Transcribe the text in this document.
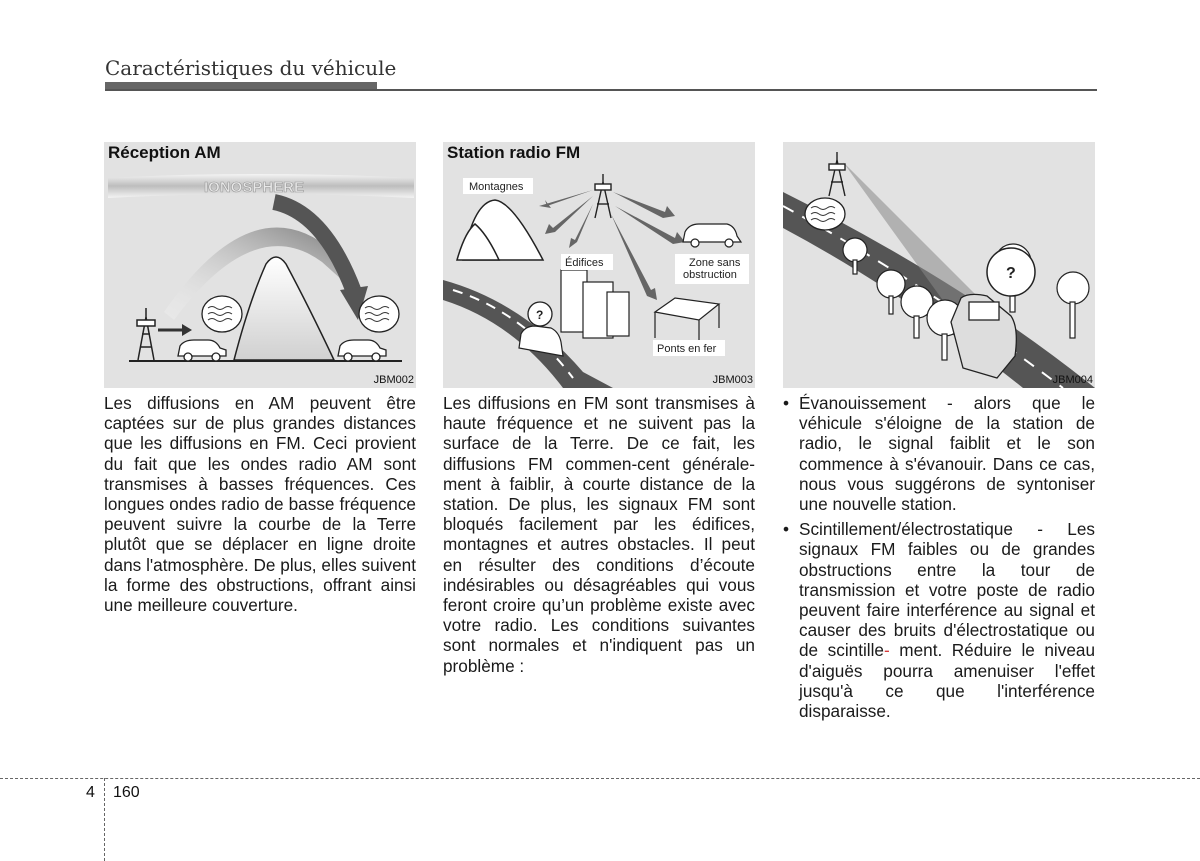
Caractéristiques du véhicule
IONOSPHERE
Réception AM
JBM002
?
Montagnes
Édifices	Zone sans
obstruction
Ponts en fer
Station radio FM
JBM003
?
JBM004
Les diffusions en AM peuvent être captées sur de plus grandes distances que les diffusions en FM. Ceci provient du fait que les ondes radio AM sont transmises à basses fréquences. Ces longues ondes radio de basse fréquence peuvent suivre la courbe de la Terre plutôt que se déplacer en ligne droite dans l'atmosphère. De plus, elles suivent la forme des obstructions, offrant ainsi une meilleure couverture.
Les diffusions en FM sont transmises à haute fréquence et ne suivent pas la surface de la Terre. De ce fait, les diffusions FM commen-cent générale-ment à faiblir, à courte distance de la station. De plus, les signaux FM sont bloqués facilement par les édifices, montagnes et autres obstacles. Il peut en résulter des conditions d’écoute indésirables ou désagréables qui vous feront croire qu’un problème existe avec votre radio. Les conditions suivantes sont normales et n'indiquent pas un problème :
• Évanouissement - alors que le véhicule s'éloigne de la station de radio, le signal faiblit et le son commence à s'évanouir. Dans ce cas, nous vous suggérons de syntoniser une nouvelle station.
• Scintillement/électrostatique - Les signaux FM faibles ou de grandes obstructions entre la tour de transmission et votre poste de radio peuvent faire interférence au signal et causer des bruits d'électrostatique ou de scintille- ment. Réduire le niveau d'aiguës pourra amenuiser l'effet jusqu'à ce que l'interférence disparaisse.
4 160
